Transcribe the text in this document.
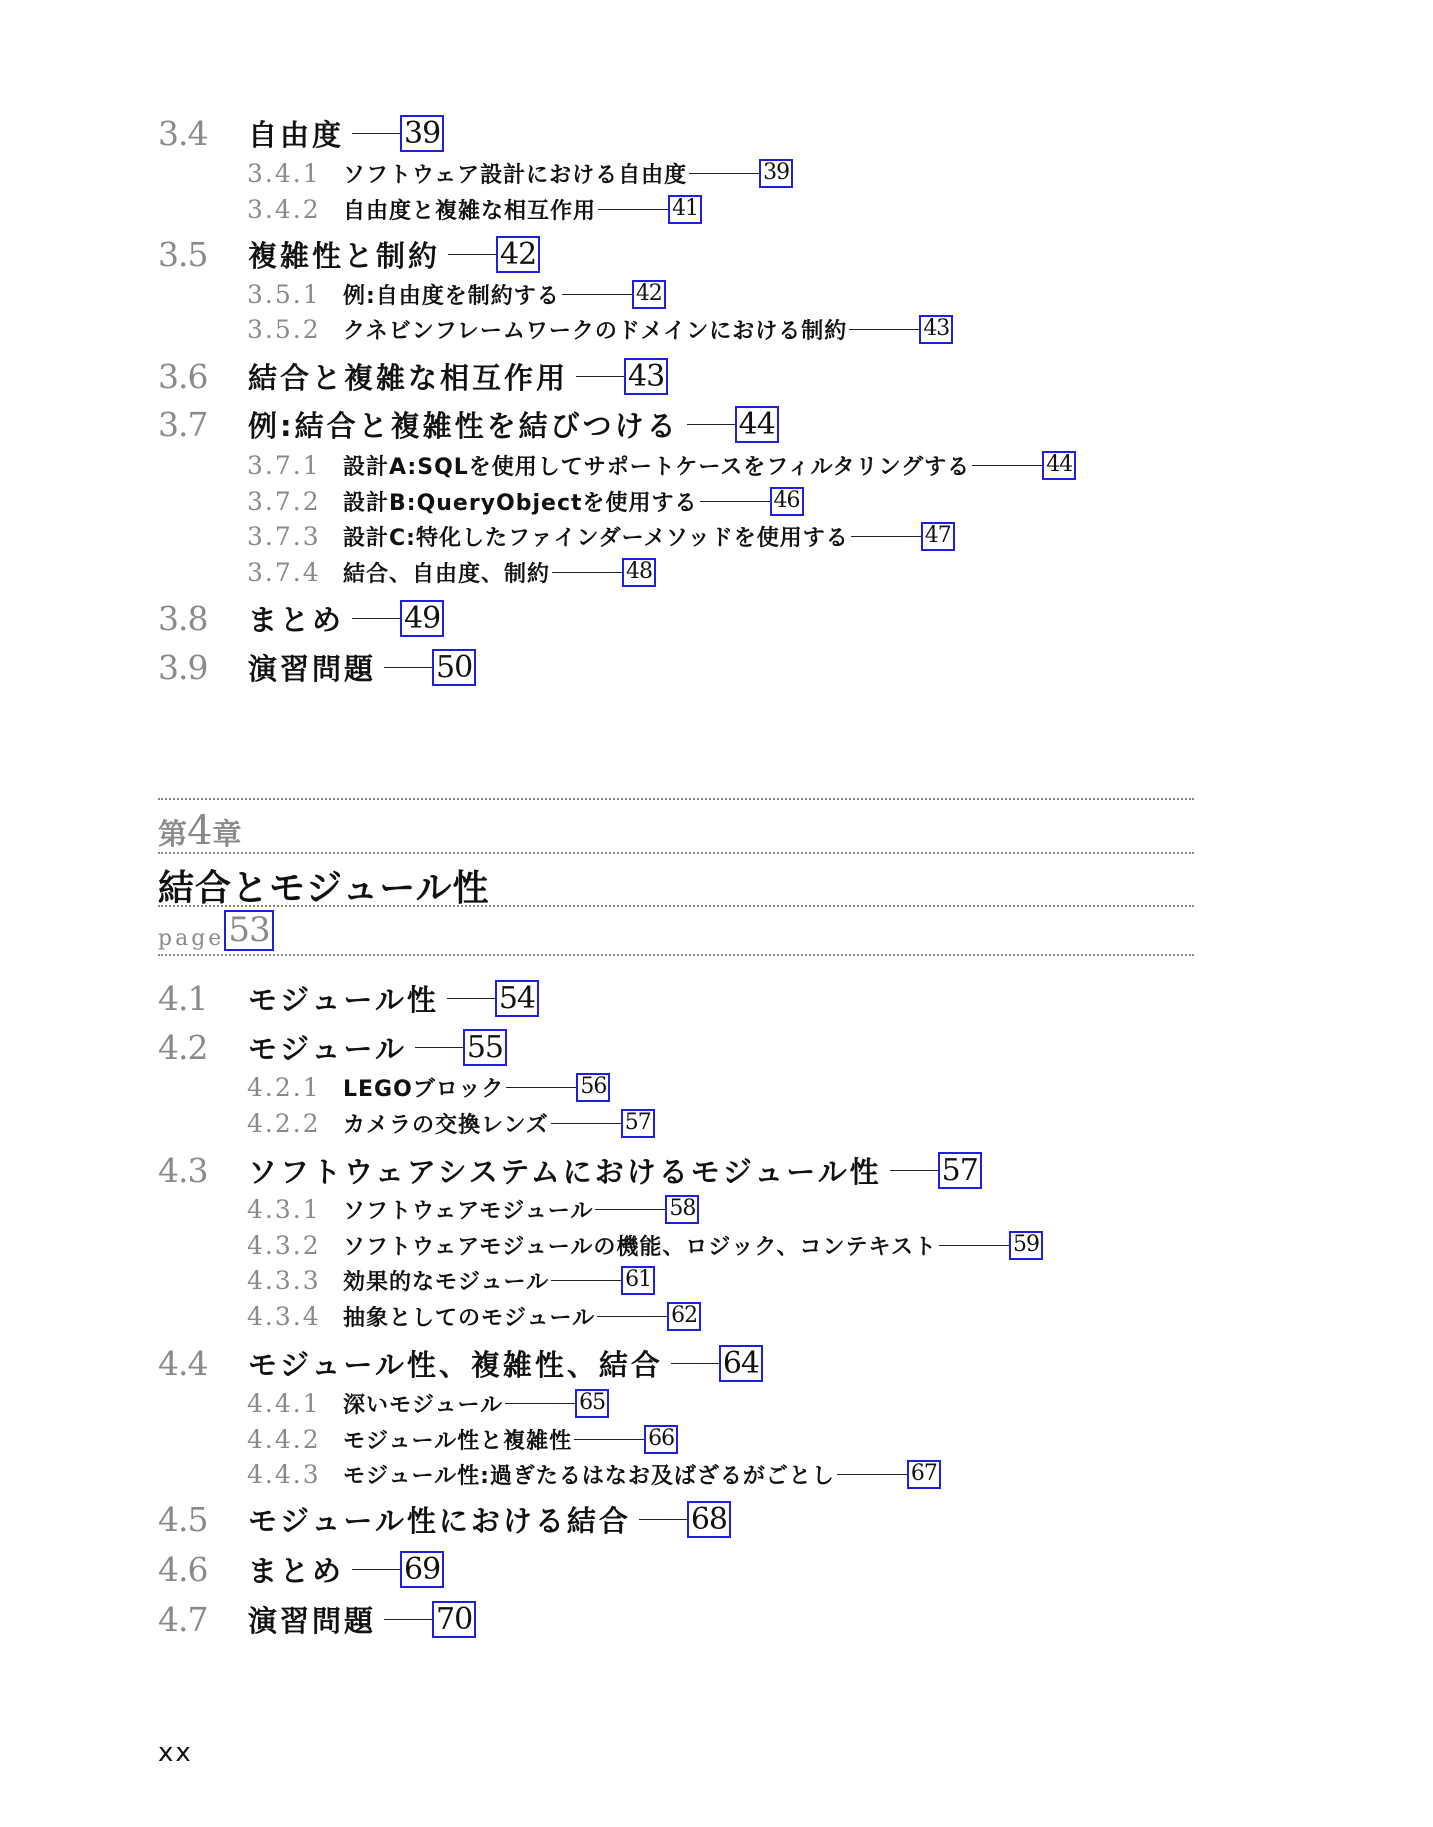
3.4	自由度 39
3.4.1	ソフトウェア設計における自由度	39
3.4.2	自由度と複雑な相互作用	41
3.5	複雑性と制約 42
3.5.1	例:自由度を制約する	42
3.5.2	クネビンフレームワークのドメインにおける制約	43
3.6	結合と複雑な相互作用 43
3.7	例:結合と複雑性を結びつける 44
3.7.1	設計A:SQLを使用してサポートケースをフィルタリングする	44
3.7.2	設計B:QueryObjectを使用する	46
3.7.3	設計C:特化したファインダーメソッドを使用する	47
3.7.4	結合、自由度、制約	48
3.8	まとめ 49
3.9	演習問題 50
第4章
結合とモジュール性
page 53
4.1	モジュール性 54
4.2	モジュール 55
4.2.1	LEGOブロック	56
4.2.2	カメラの交換レンズ	57
4.3	ソフトウェアシステムにおけるモジュール性 57
4.3.1	ソフトウェアモジュール	58
4.3.2	ソフトウェアモジュールの機能、ロジック、コンテキスト	59
4.3.3	効果的なモジュール	61
4.3.4	抽象としてのモジュール	62
4.4	モジュール性、複雑性、結合 64
4.4.1	深いモジュール	65
4.4.2	モジュール性と複雑性	66
4.4.3	モジュール性:過ぎたるはなお及ばざるがごとし	67
4.5	モジュール性における結合 68
4.6	まとめ 69
4.7	演習問題 70
xx
